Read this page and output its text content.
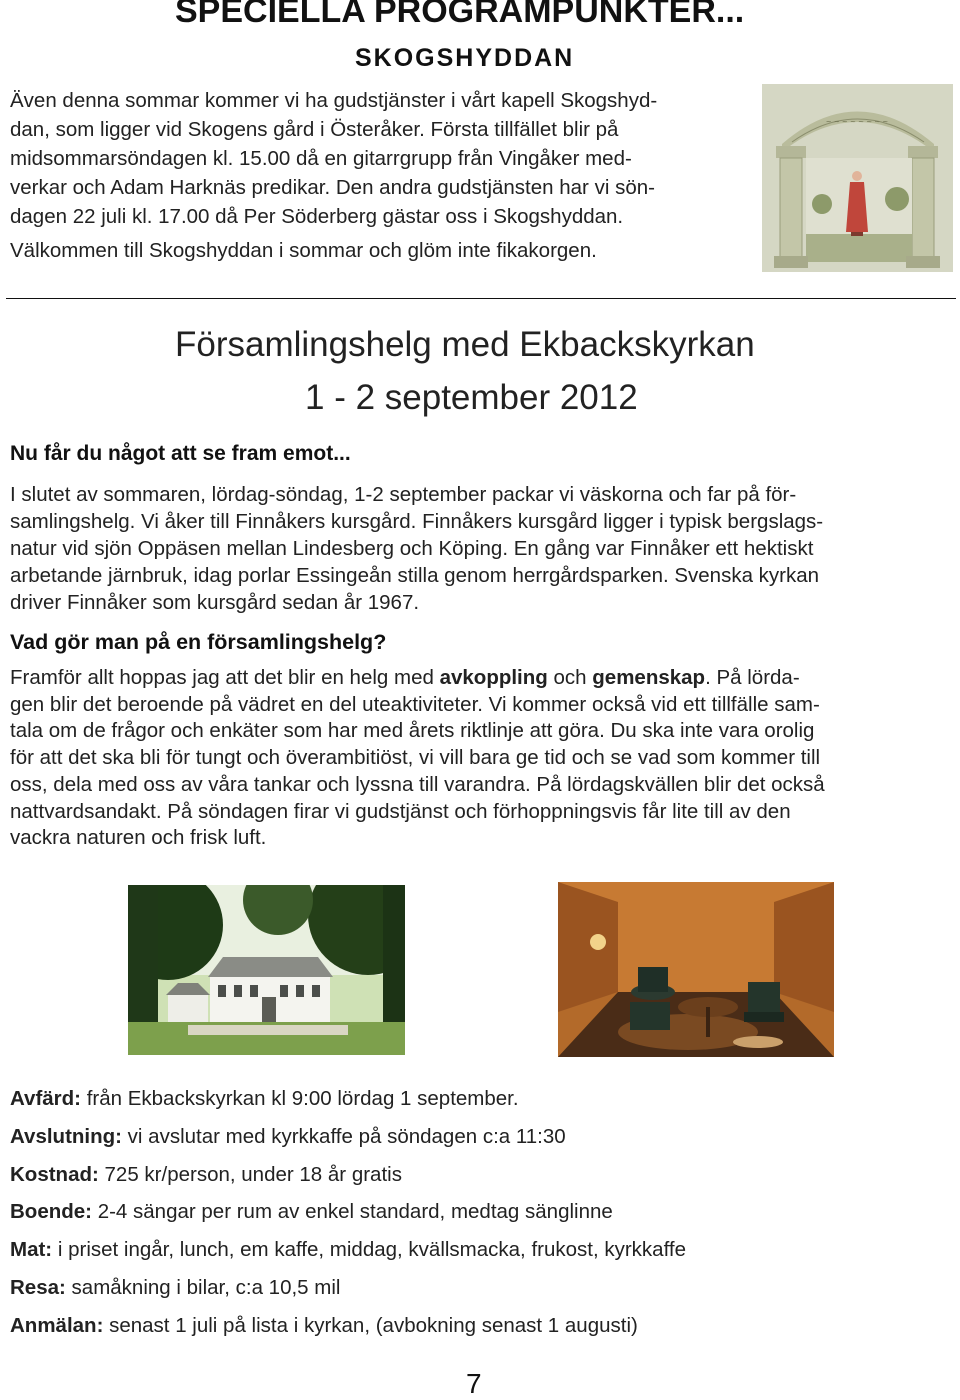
SPECIELLA PROGRAMPUNKTER...
SKOGSHYDDAN
Även denna sommar kommer vi ha gudstjänster i vårt kapell Skogshyd-
dan, som ligger vid Skogens gård i Österåker. Första tillfället blir på
midsommarsöndagen kl. 15.00 då en gitarrgrupp från Vingåker med-
verkar och Adam Harknäs predikar. Den andra gudstjänsten har vi sön-
dagen 22 juli kl. 17.00 då Per Söderberg gästar oss i Skogshyddan.
Välkommen till Skogshyddan i sommar och glöm inte fikakorgen.
~ ~ ~ ~ ~ ~ ~ ~
Församlingshelg med Ekbackskyrkan
1 - 2 september 2012
Nu får du något att se fram emot...
I slutet av sommaren, lördag-söndag, 1-2 september packar vi väskorna och far på för-
samlingshelg. Vi åker till Finnåkers kursgård. Finnåkers kursgård ligger i typisk bergslags-
natur vid sjön Oppäsen mellan Lindesberg och Köping. En gång var Finnåker ett hektiskt
arbetande järnbruk, idag porlar Essingeån stilla genom herrgårdsparken. Svenska kyrkan
driver Finnåker som kursgård sedan år 1967.
Vad gör man på en församlingshelg?
Framför allt hoppas jag att det blir en helg med avkoppling och gemenskap. På lörda-
gen blir det beroende på vädret en del uteaktiviteter. Vi kommer också vid ett tillfälle sam-
tala om de frågor och enkäter som har med årets riktlinje att göra. Du ska inte vara orolig
för att det ska bli för tungt och överambitiöst, vi vill bara ge tid och se vad som kommer till
oss, dela med oss av våra tankar och lyssna till varandra. På lördagskvällen blir det också
nattvardsandakt. På söndagen firar vi gudstjänst och förhoppningsvis får lite till av den
vackra naturen och frisk luft.
Avfärd: från Ekbackskyrkan kl 9:00 lördag 1 september.
Avslutning: vi avslutar med kyrkkaffe på söndagen c:a 11:30
Kostnad: 725 kr/person, under 18 år gratis
Boende: 2-4 sängar per rum av enkel standard, medtag sänglinne
Mat: i priset ingår, lunch, em kaffe, middag, kvällsmacka, frukost, kyrkkaffe
Resa: samåkning i bilar, c:a 10,5 mil
Anmälan: senast 1 juli på lista i kyrkan, (avbokning senast 1 augusti)
7
